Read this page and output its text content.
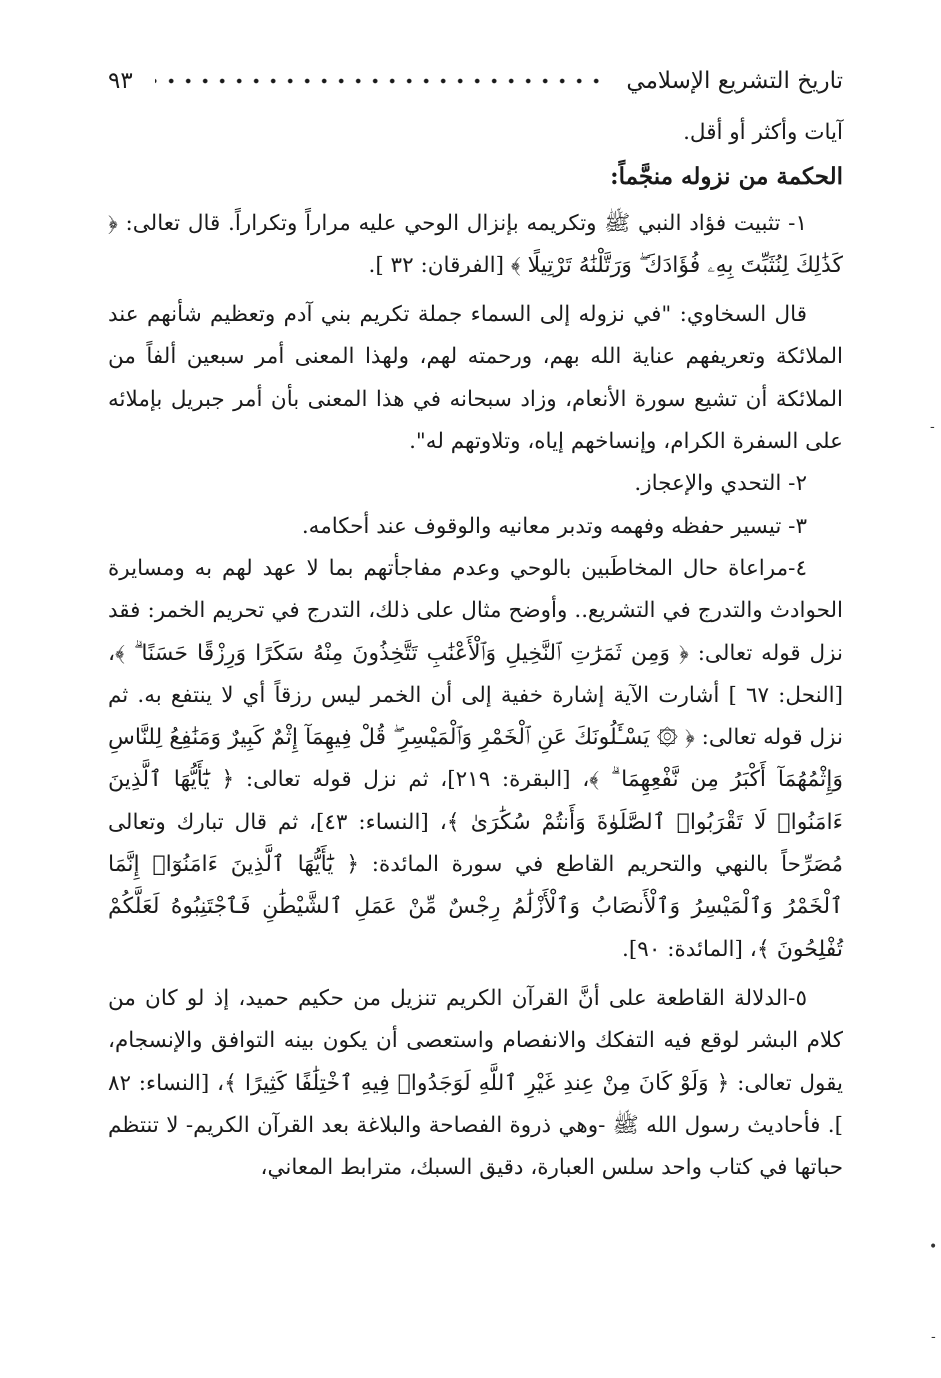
تاريخ التشريع الإسلامي
٩٣

آيات وأكثر أو أقل.

الحكمة من نزوله منجَّماً:

١- تثبيت فؤاد النبي ﷺ وتكريمه بإنزال الوحي عليه مراراً وتكراراً. قال تعالى: ﴿ كَذَٰلِكَ لِنُثَبِّتَ بِهِۦ فُؤَادَكَ ۖ وَرَتَّلْنَٰهُ تَرْتِيلًا ﴾ [الفرقان: ٣٢ ].

قال السخاوي: "في نزوله إلى السماء جملة تكريم بني آدم وتعظيم شأنهم عند الملائكة وتعريفهم عناية الله بهم، ورحمته لهم، ولهذا المعنى أمر سبعين ألفاً من الملائكة أن تشيع سورة الأنعام، وزاد سبحانه في هذا المعنى بأن أمر جبريل بإملائه على السفرة الكرام، وإنساخهم إياه، وتلاوتهم له".

٢- التحدي والإعجاز.

٣- تيسير حفظه وفهمه وتدبر معانيه والوقوف عند أحكامه.

٤-مراعاة حال المخاطَبين بالوحي وعدم مفاجأتهم بما لا عهد لهم به ومسايرة الحوادث والتدرج في التشريع.. وأوضح مثال على ذلك، التدرج في تحريم الخمر: فقد نزل قوله تعالى: ﴿ وَمِن ثَمَرَٰتِ ٱلنَّخِيلِ وَٱلْأَعْنَٰبِ تَتَّخِذُونَ مِنْهُ سَكَرًا وَرِزْقًا حَسَنًا ۗ ﴾، [النحل: ٦٧ ] أشارت الآية إشارة خفية إلى أن الخمر ليس رزقاً أي لا ينتفع به. ثم نزل قوله تعالى: ﴿ ۞ يَسْـَٔلُونَكَ عَنِ ٱلْخَمْرِ وَٱلْمَيْسِرِ ۖ قُلْ فِيهِمَآ إِثْمٌ كَبِيرٌ وَمَنَٰفِعُ لِلنَّاسِ وَإِثْمُهُمَآ أَكْبَرُ مِن نَّفْعِهِمَا ۗ ﴾، [البقرة: ٢١٩]، ثم نزل قوله تعالى: ﴿ يَٰٓأَيُّهَا ٱلَّذِينَ ءَامَنُوا۟ لَا تَقْرَبُوا۟ ٱلصَّلَوٰةَ وَأَنتُمْ سُكَٰرَىٰ ﴾، [النساء: ٤٣]، ثم قال تبارك وتعالى مُصَرِّحاً بالنهي والتحريم القاطع في سورة المائدة: ﴿ يَٰٓأَيُّهَا ٱلَّذِينَ ءَامَنُوٓا۟ إِنَّمَا ٱلْخَمْرُ وَٱلْمَيْسِرُ وَٱلْأَنصَابُ وَٱلْأَزْلَٰمُ رِجْسٌ مِّنْ عَمَلِ ٱلشَّيْطَٰنِ فَٱجْتَنِبُوهُ لَعَلَّكُمْ تُفْلِحُونَ ﴾، [المائدة: ٩٠].

٥-الدلالة القاطعة على أنَّ القرآن الكريم تنزيل من حكيم حميد، إذ لو كان من كلام البشر لوقع فيه التفكك والانفصام واستعصى أن يكون بينه التوافق والإنسجام، يقول تعالى: ﴿ وَلَوْ كَانَ مِنْ عِندِ غَيْرِ ٱللَّهِ لَوَجَدُوا۟ فِيهِ ٱخْتِلَٰفًا كَثِيرًا ﴾، [النساء: ٨٢ ]. فأحاديث رسول الله ﷺ -وهي ذروة الفصاحة والبلاغة بعد القرآن الكريم- لا تنتظم حباتها في كتاب واحد سلس العبارة، دقيق السبك، مترابط المعاني،

-
•
-
